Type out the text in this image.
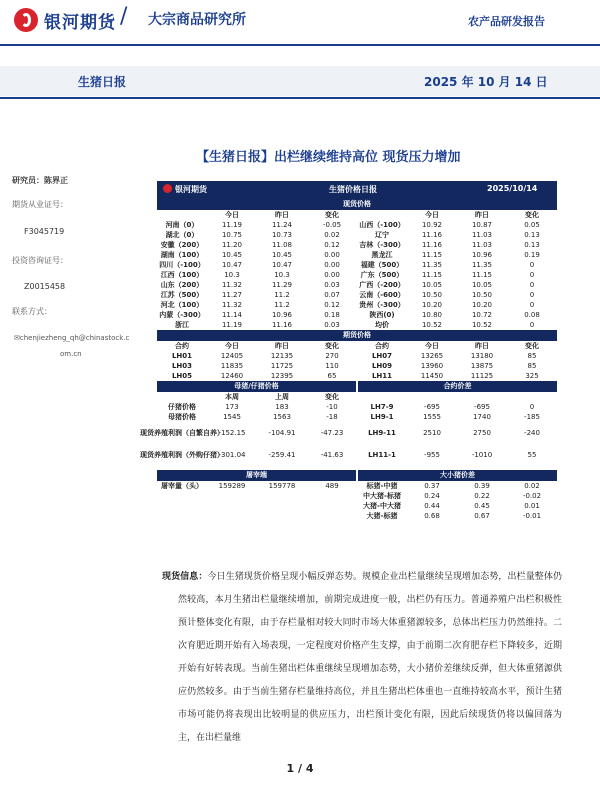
银河期货 / 大宗商品研究所	农产品研发报告
生猪日报	2025 年 10 月 14 日
【生猪日报】出栏继续维持高位 现货压力增加
研究员：陈界正
期货从业证号：
F3045719
投资咨询证号：
Z0015458
联系方式：
✉chenjiezheng_qh@chinastock.c
om.cn
银河期货	生猪价格日报	2025/10/14
现货价格
今日	昨日	变化	今日	昨日	变化
河南（0）	11.19	11.24	-0.05	山西（-100）	10.92	10.87	0.05
湖北（0）	10.75	10.73	0.02	辽宁	11.16	11.03	0.13
安徽（200）	11.20	11.08	0.12	吉林（-300）	11.16	11.03	0.13
湖南（100）	10.45	10.45	0.00	黑龙江	11.15	10.96	0.19
四川（-100）	10.47	10.47	0.00	福建（500）	11.35	11.35	0
江西（100）	10.3	10.3	0.00	广东（500）	11.15	11.15	0
山东（200）	11.32	11.29	0.03	广西（-200）	10.05	10.05	0
江苏（500）	11.27	11.2	0.07	云南（-600）	10.50	10.50	0
河北（100）	11.32	11.2	0.12	贵州（-300）	10.20	10.20	0
内蒙（-300）	11.14	10.96	0.18	陕西(0)	10.80	10.72	0.08
浙江	11.19	11.16	0.03	均价	10.52	10.52	0
期货价格
合约	今日	昨日	变化	合约	今日	昨日	变化
LH01	12405	12135	270	LH07	13265	13180	85
LH03	11835	11725	110	LH09	13960	13875	85
LH05	12460	12395	65	LH11	11450	11125	325
母猪/仔猪价格	合约价差
本周	上周	变化
仔猪价格	173	183	-10	LH7-9	-695	-695	0
母猪价格	1545	1563	-18	LH9-1	1555	1740	-185
现货养殖利润（自繁自养）
-152.15	-104.91	-47.23	LH9-11	2510	2750	-240
现货养殖利润（外购仔猪）
-301.04	-259.41	-41.63	LH11-1	-955	-1010	55
屠宰端	大小猪价差
屠宰量（头）	159289	159778	489	标猪-中猪	0.37	0.39	0.02
中大猪-标猪	0.24	0.22	-0.02
大猪-中大猪	0.44	0.45	0.01
大猪-标猪	0.68	0.67	-0.01
现货信息：今日生猪现货价格呈现小幅反弹态势。规模企业出栏量继续呈现增加态势，出栏量整体仍然较高，本月生猪出栏量继续增加，前期完成进度一般，出栏仍有压力。普通养殖户出栏积极性预计整体变化有限，由于存栏量相对较大同时市场大体重猪源较多，总体出栏压力仍然维持。二次育肥近期开始有入场表现，一定程度对价格产生支撑，由于前期二次育肥存栏下降较多，近期开始有好转表现。当前生猪出栏体重继续呈现增加态势，大小猪价差继续反弹，但大体重猪源供应仍然较多。由于当前生猪存栏量维持高位，并且生猪出栏体重也一直维持较高水平，预计生猪市场可能仍将表现出比较明显的供应压力，出栏预计变化有限，因此后续现货仍将以偏回落为主，在出栏量维
1 / 4
